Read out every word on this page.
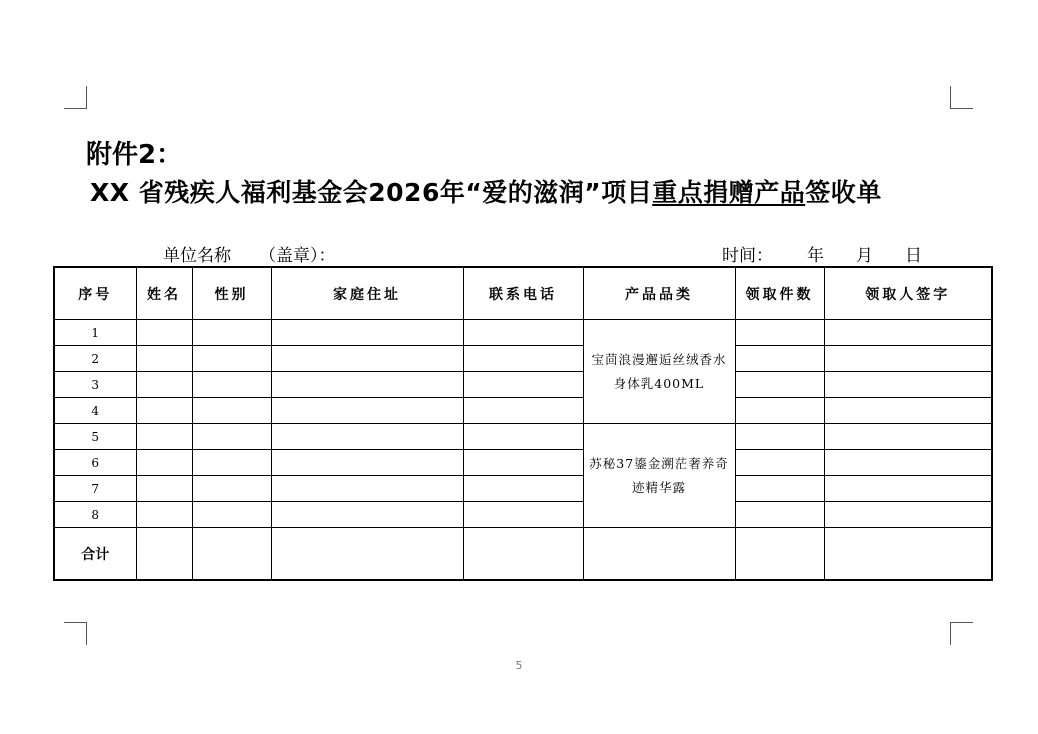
附件2：
XX 省残疾人福利基金会2026年“爱的滋润”项目重点捐赠产品签收单
单位名称 （盖章）：	时间： 年 月 日
序号	姓名	性别	家庭住址	联系电话	产品品类	领取件数	领取人签字
1					宝茴浪漫邂逅丝绒香水身体乳400ML		
2							
3							
4							
5					苏秘37鎏金溯茫奢养奇迹精华露		
6							
7							
8							
合计							
5
